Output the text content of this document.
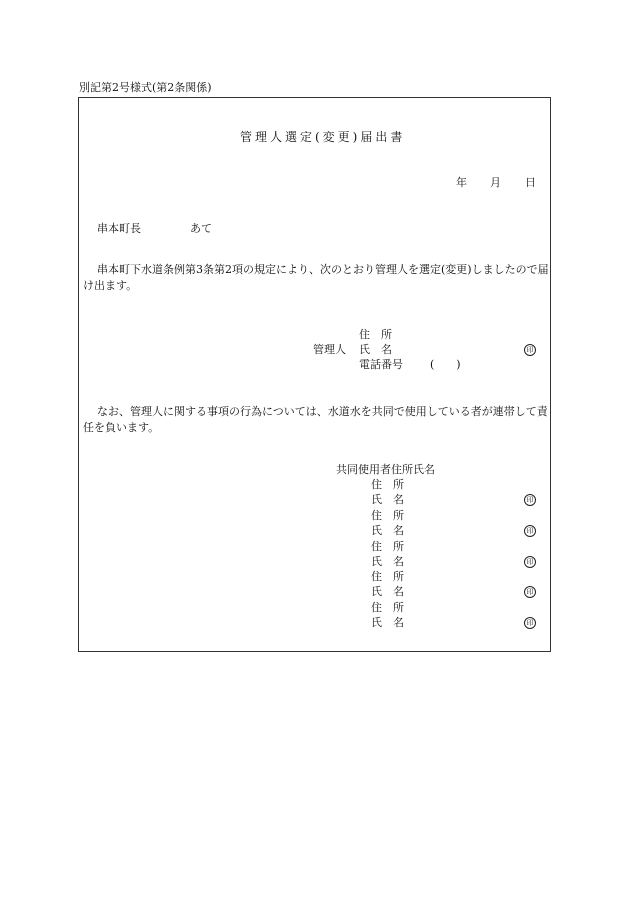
別記第2号様式(第2条関係)
管理人選定(変更)届出書
年 月 日
串本町長	あて
串本町下水道条例第3条第2項の規定により、次のとおり管理人を選定(変更)しましたので届け出ます。
住　所
管理人 氏　名	印
電話番号 (　　)
なお、管理人に関する事項の行為については、水道水を共同で使用している者が連帯して責任を負います。
共同使用者住所氏名
住　所
氏　名	印
住　所
氏　名	印
住　所
氏　名	印
住　所
氏　名	印
住　所
氏　名	印
